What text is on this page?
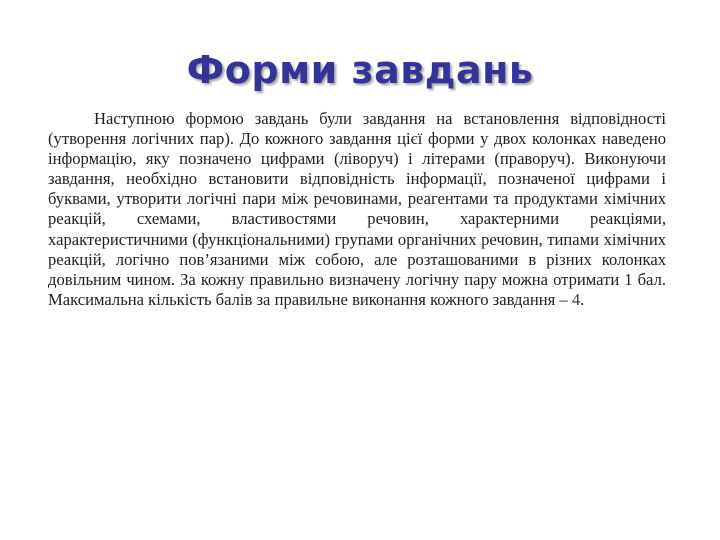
Форми завдань

Наступною формою завдань були завдання на встановлення відповідності (утворення логічних пар). До кожного завдання цієї форми у двох колонках наведено інформацію, яку позначено цифрами (ліворуч) і літерами (праворуч). Виконуючи завдання, необхідно встановити відповідність інформації, позначеної цифрами і буквами, утворити логічні пари між речовинами, реагентами та продуктами хімічних реакцій, схемами, властивостями речовин, характерними реакціями, характеристичними (функціональними) групами органічних речовин, типами хімічних реакцій, логічно пов’язаними між собою, але розташованими в різних колонках довільним чином. За кожну правильно визначену логічну пару можна отримати 1 бал. Максимальна кількість балів за правильне виконання кожного завдання – 4.
